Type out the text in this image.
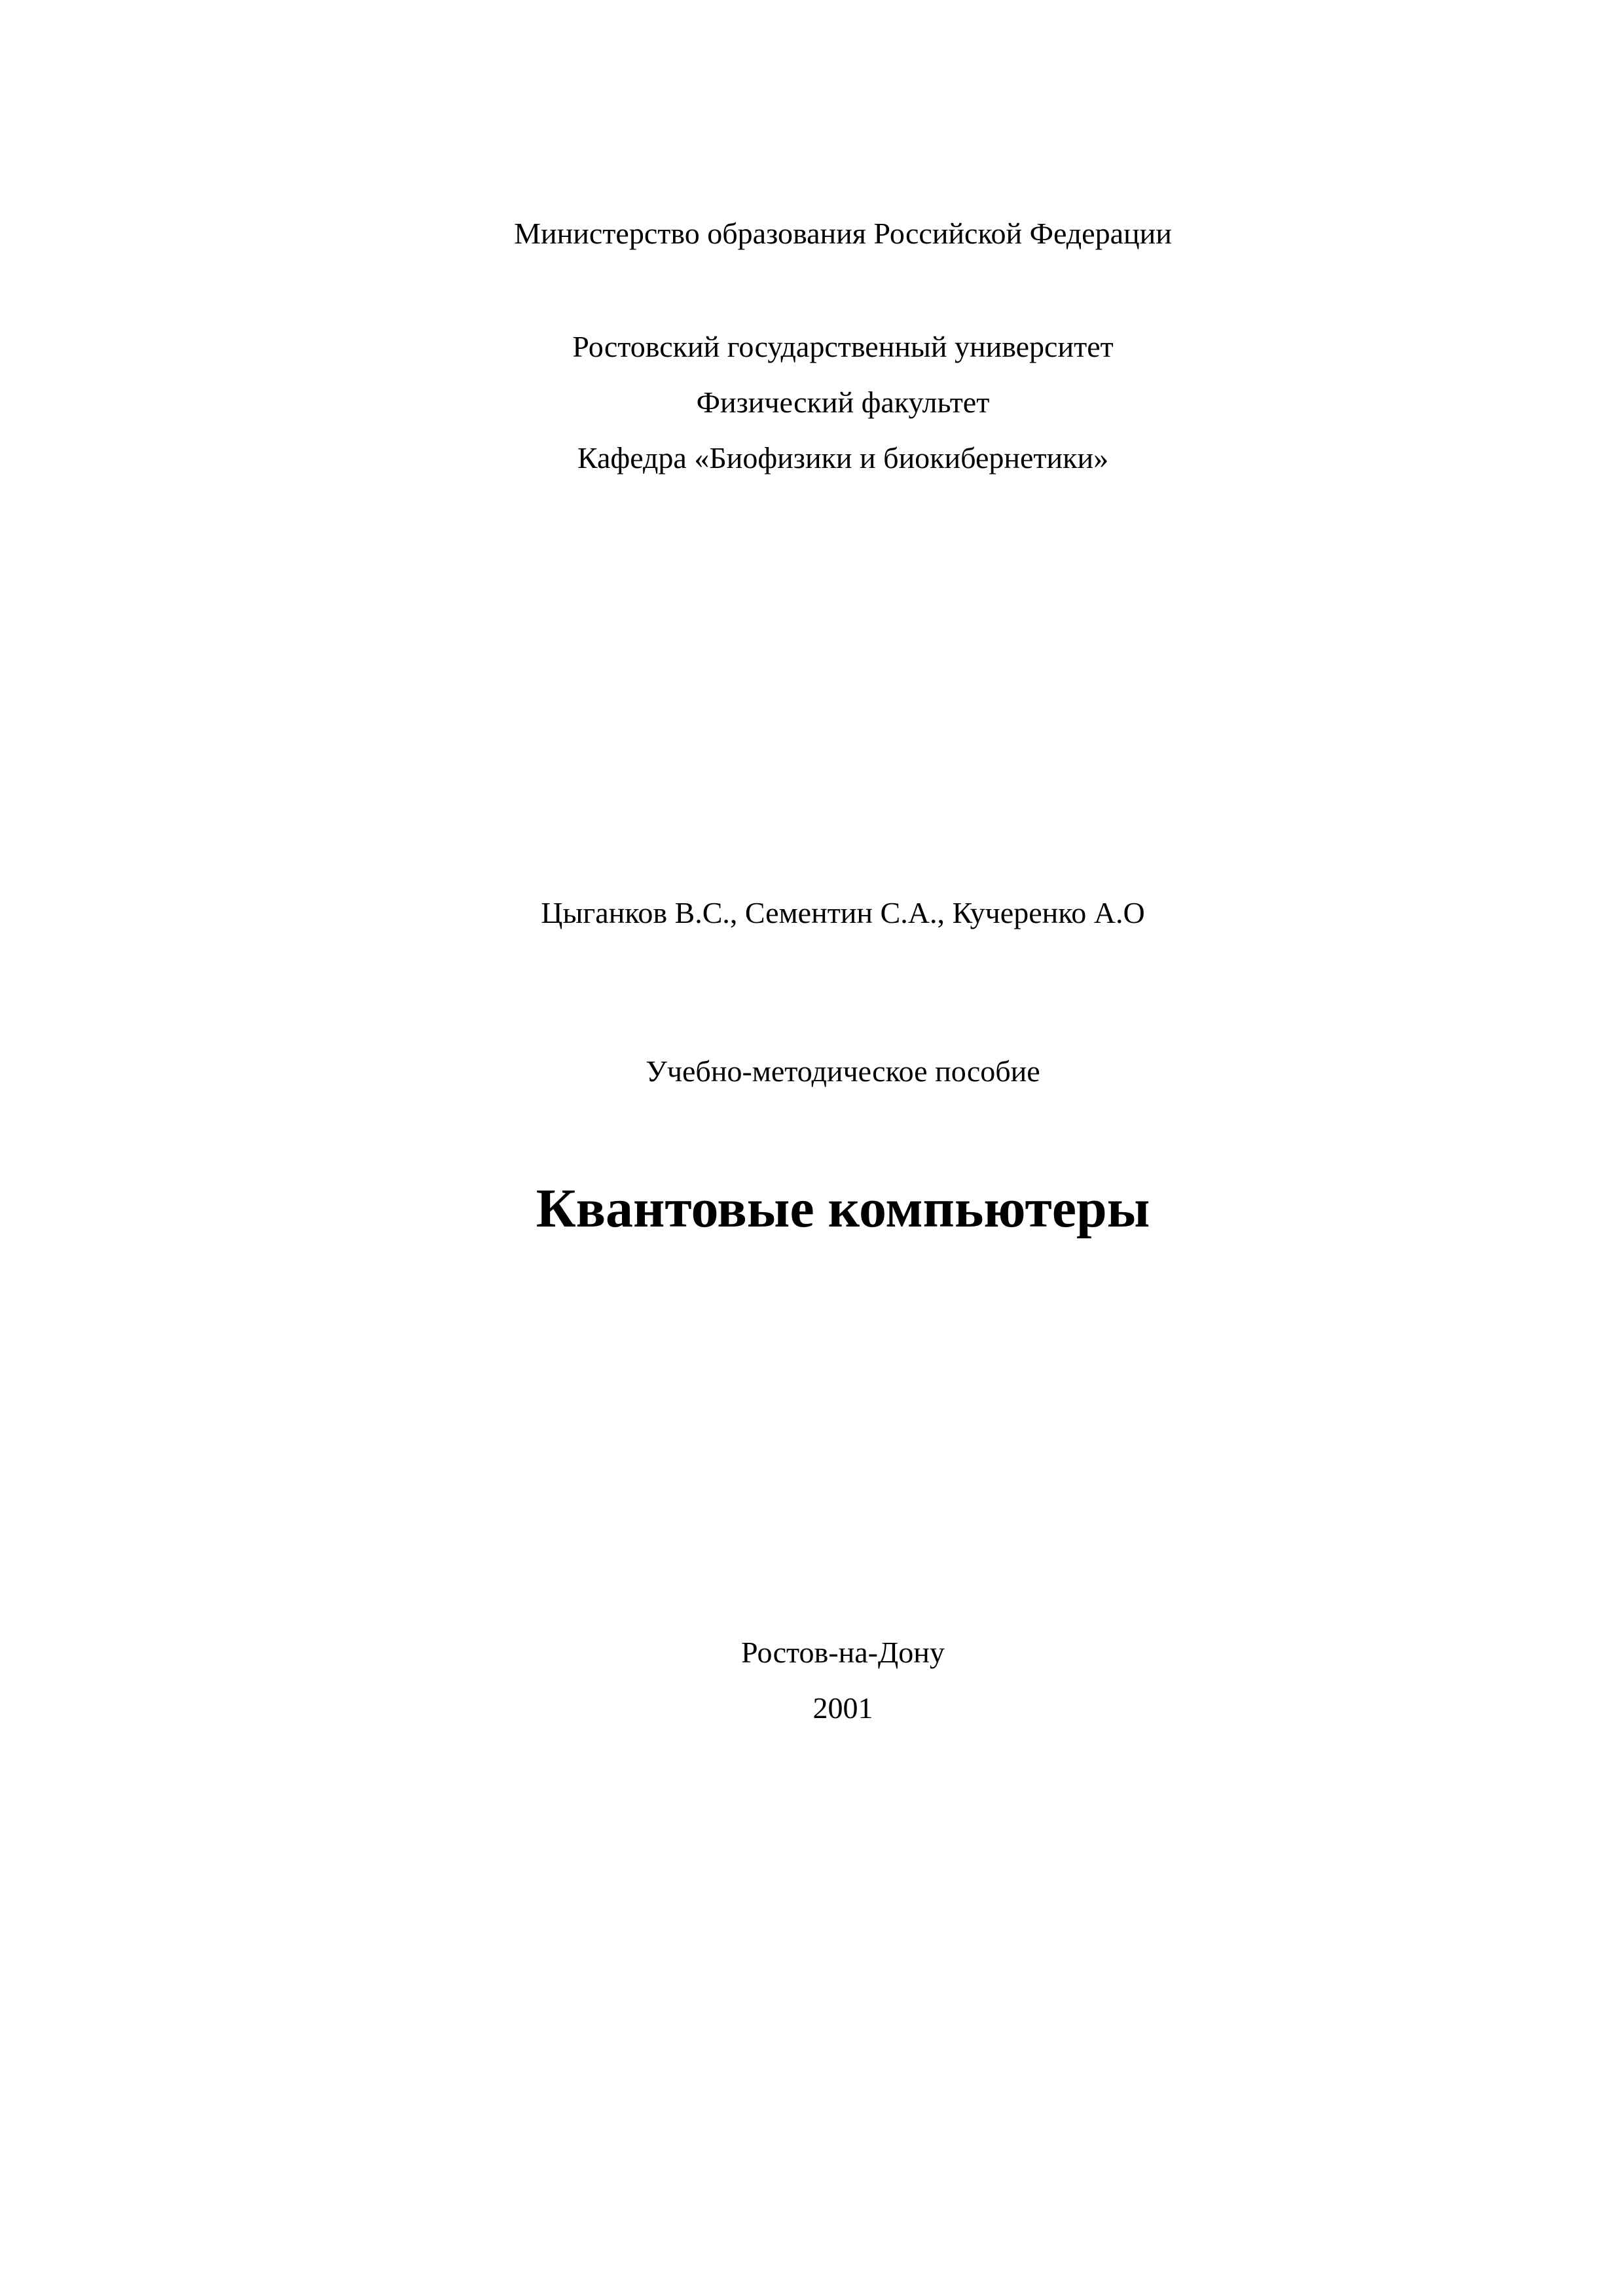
Министерство образования Российской Федерации
Ростовский государственный университет
Физический факультет
Кафедра «Биофизики и биокибернетики»
Цыганков В.С., Сементин С.А., Кучеренко А.О
Учебно-методическое пособие
Квантовые компьютеры
Ростов-на-Дону
2001
